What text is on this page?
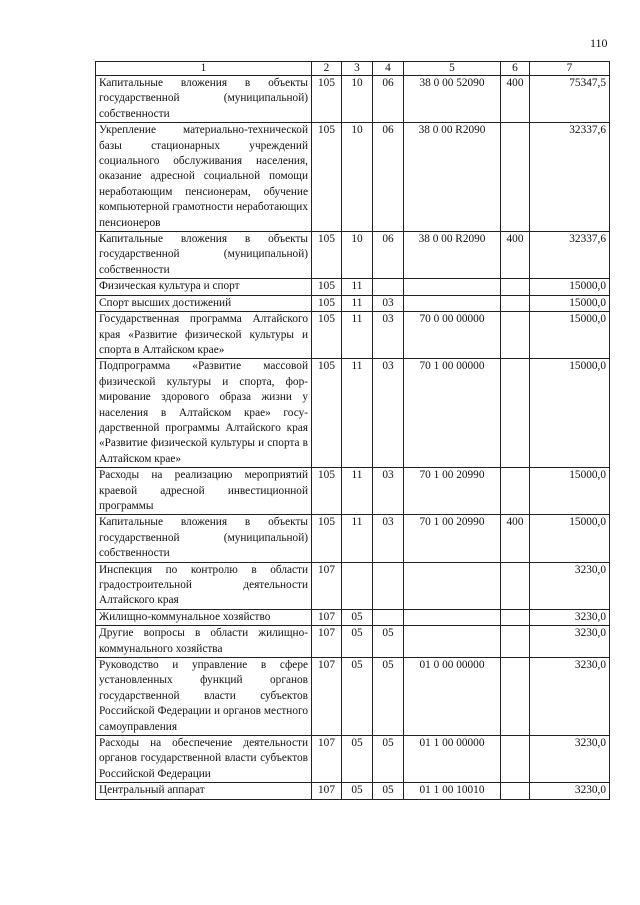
110
1	2	3	4	5	6	7
Капитальные вложения в объекты государственной (муниципальной) собственности	105	10	06	38 0 00 52090	400	75347,5
Укрепление материально-технической базы стационарных учреждений социального обслуживания населения, оказание адресной социальной помощи неработающим пенсионерам, обучение компьютерной грамотности неработающих пенсионеров	105	10	06	38 0 00 R2090		32337,6
Капитальные вложения в объекты государственной (муниципальной) собственности	105	10	06	38 0 00 R2090	400	32337,6
Физическая культура и спорт	105	11				15000,0
Спорт высших достижений	105	11	03			15000,0
Государственная программа Алтайского края «Развитие физической культуры и спорта в Алтайском крае»	105	11	03	70 0 00 00000		15000,0
Подпрограмма «Развитие массовой физической культуры и спорта, формирование здорового образа жизни у населения в Алтайском крае» государственной программы Алтайского края «Развитие физической культуры и спорта в Алтайском крае»	105	11	03	70 1 00 00000		15000,0
Расходы на реализацию мероприятий краевой адресной инвестиционной программы	105	11	03	70 1 00 20990		15000,0
Капитальные вложения в объекты государственной (муниципальной) собственности	105	11	03	70 1 00 20990	400	15000,0
Инспекция по контролю в области градостроительной деятельности Алтайского края	107					3230,0
Жилищно-коммунальное хозяйство	107	05				3230,0
Другие вопросы в области жилищно-коммунального хозяйства	107	05	05			3230,0
Руководство и управление в сфере установленных функций органов государственной власти субъектов Российской Федерации и органов местного самоуправления	107	05	05	01 0 00 00000		3230,0
Расходы на обеспечение деятельности органов государственной власти субъектов Российской Федерации	107	05	05	01 1 00 00000		3230,0
Центральный аппарат	107	05	05	01 1 00 10010		3230,0
